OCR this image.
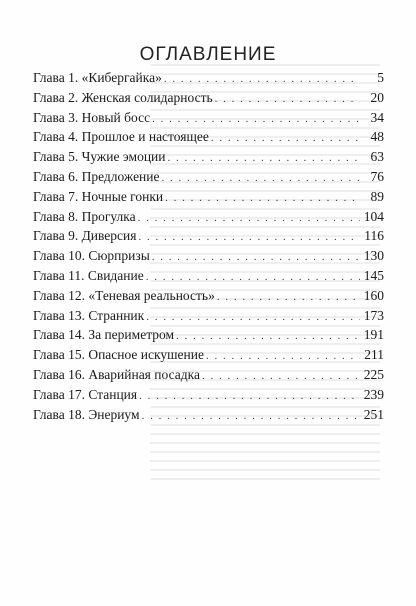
ОГЛАВЛЕНИЕ
Глава 1. «Кибергайка» . . .	5
Глава 2. Женская солидарность . . .	20
Глава 3. Новый босс . . .	34
Глава 4. Прошлое и настоящее . . .	48
Глава 5. Чужие эмоции . . .	63
Глава 6. Предложение . . .	76
Глава 7. Ночные гонки . . .	89
Глава 8. Прогулка . . .	104
Глава 9. Диверсия . . .	116
Глава 10. Сюрпризы . . .	130
Глава 11. Свидание . . .	145
Глава 12. «Теневая реальность» . . .	160
Глава 13. Странник . . .	173
Глава 14. За периметром . . .	191
Глава 15. Опасное искушение . . .	211
Глава 16. Аварийная посадка . . .	225
Глава 17. Станция . . .	239
Глава 18. Энериум . . .	251
